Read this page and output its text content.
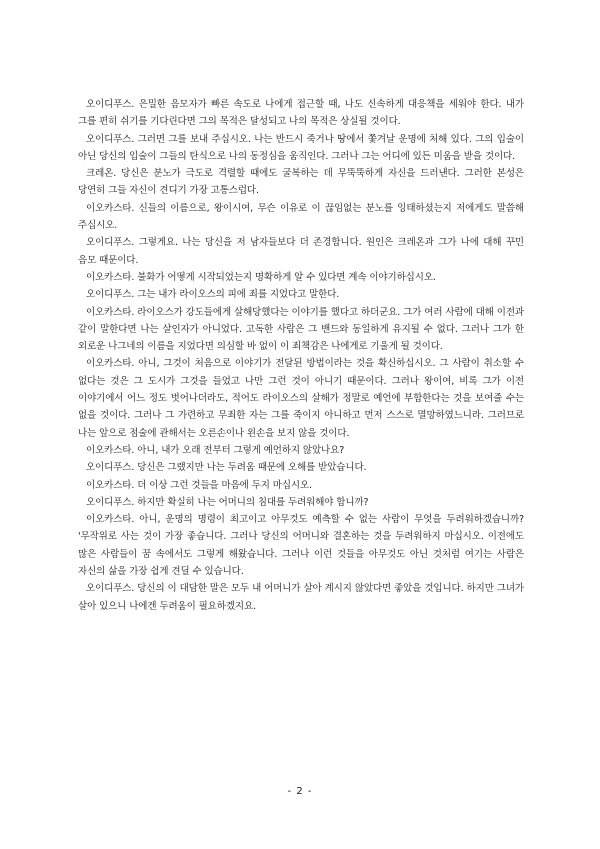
오이디푸스. 은밀한 음모자가 빠른 속도로 나에게 접근할 때, 나도 신속하게 대응책을 세워야 한다. 내가 그를 편히 쉬기를 기다린다면 그의 목적은 달성되고 나의 목적은 상실될 것이다.

오이디푸스. 그러면 그를 보내 주십시오. 나는 반드시 죽거나 땅에서 쫓겨날 운명에 처해 있다. 그의 입술이 아닌 당신의 입술이 그들의 탄식으로 나의 동정심을 움직인다. 그러나 그는 어디에 있든 미움을 받을 것이다.

크레온. 당신은 분노가 극도로 격렬할 때에도 굴복하는 데 무뚝뚝하게 자신을 드러낸다. 그러한 본성은 당연히 그들 자신이 견디기 가장 고통스럽다.

이오카스타. 신들의 이름으로, 왕이시여, 무슨 이유로 이 끊임없는 분노를 잉태하셨는지 저에게도 말씀해 주십시오.

오이디푸스. 그렇게요. 나는 당신을 저 남자들보다 더 존경합니다. 원인은 크레온과 그가 나에 대해 꾸민 음모 때문이다.

이오카스타. 불화가 어떻게 시작되었는지 명확하게 알 수 있다면 계속 이야기하십시오.

오이디푸스. 그는 내가 라이오스의 피에 죄를 지었다고 말한다.

이오카스타. 라이오스가 강도들에게 살해당했다는 이야기를 했다고 하더군요. 그가 여러 사람에 대해 이전과 같이 말한다면 나는 살인자가 아니었다. 고독한 사람은 그 밴드와 동일하게 유지될 수 없다. 그러나 그가 한 외로운 나그네의 이름을 지었다면 의심할 바 없이 이 죄책감은 나에게로 기울게 될 것이다.

이오카스타. 아니, 그것이 처음으로 이야기가 전달된 방법이라는 것을 확신하십시오. 그 사람이 취소할 수 없다는 것은 그 도시가 그것을 들었고 나만 그런 것이 아니기 때문이다. 그러나 왕이여, 비록 그가 이전 이야기에서 어느 정도 벗어나더라도, 적어도 라이오스의 살해가 정말로 예언에 부합한다는 것을 보여줄 수는 없을 것이다. 그러나 그 가련하고 무죄한 자는 그를 죽이지 아니하고 먼저 스스로 멸망하였느니라. 그러므로 나는 앞으로 점술에 관해서는 오른손이나 왼손을 보지 않을 것이다.

이오카스타. 아니, 내가 오래 전부터 그렇게 예언하지 않았나요?

오이디푸스. 당신은 그랬지만 나는 두려움 때문에 오해를 받았습니다.

이오카스타. 더 이상 그런 것들을 마음에 두지 마십시오.

오이디푸스. 하지만 확실히 나는 어머니의 침대를 두려워해야 합니까?

이오카스타. 아니, 운명의 명령이 최고이고 아무것도 예측할 수 없는 사람이 무엇을 두려워하겠습니까? '무작위로 사는 것이 가장 좋습니다. 그러나 당신의 어머니와 결혼하는 것을 두려워하지 마십시오. 이전에도 많은 사람들이 꿈 속에서도 그렇게 해왔습니다. 그러나 이런 것들을 아무것도 아닌 것처럼 여기는 사람은 자신의 삶을 가장 쉽게 견딜 수 있습니다.

오이디푸스. 당신의 이 대담한 말은 모두 내 어머니가 살아 계시지 않았다면 좋았을 것입니다. 하지만 그녀가 살아 있으니 나에겐 두려움이 필요하겠지요.

- 2 -
